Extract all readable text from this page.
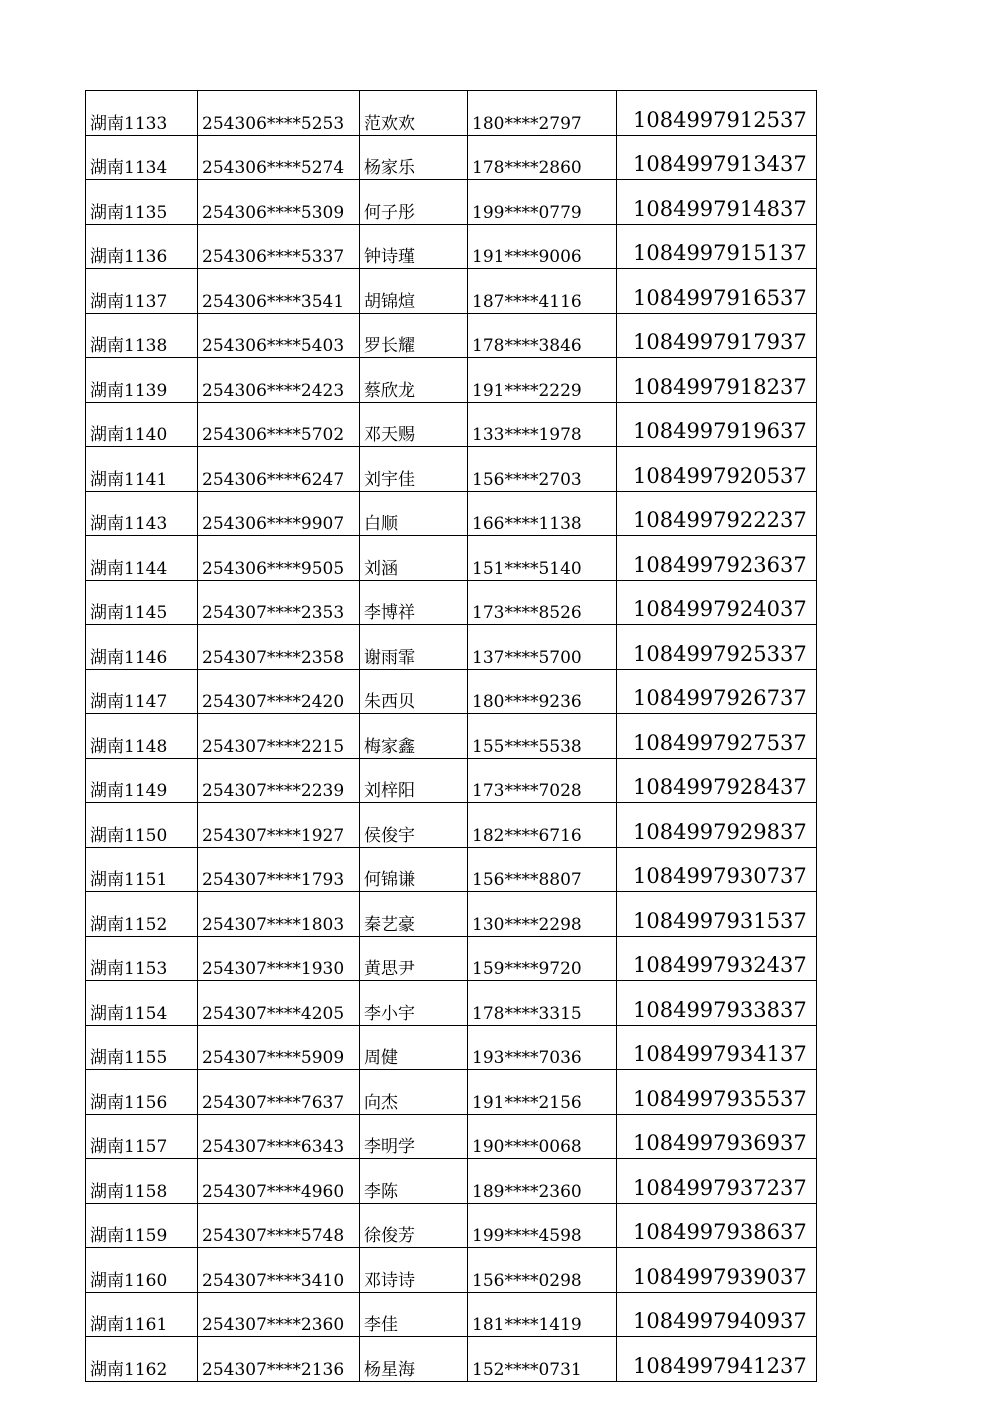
湖南1133	254306****5253	范欢欢	180****2797	1084997912537
湖南1134	254306****5274	杨家乐	178****2860	1084997913437
湖南1135	254306****5309	何子彤	199****0779	1084997914837
湖南1136	254306****5337	钟诗瑾	191****9006	1084997915137
湖南1137	254306****3541	胡锦煊	187****4116	1084997916537
湖南1138	254306****5403	罗长耀	178****3846	1084997917937
湖南1139	254306****2423	蔡欣龙	191****2229	1084997918237
湖南1140	254306****5702	邓天赐	133****1978	1084997919637
湖南1141	254306****6247	刘宇佳	156****2703	1084997920537
湖南1143	254306****9907	白顺	166****1138	1084997922237
湖南1144	254306****9505	刘涵	151****5140	1084997923637
湖南1145	254307****2353	李博祥	173****8526	1084997924037
湖南1146	254307****2358	谢雨霏	137****5700	1084997925337
湖南1147	254307****2420	朱西贝	180****9236	1084997926737
湖南1148	254307****2215	梅家鑫	155****5538	1084997927537
湖南1149	254307****2239	刘梓阳	173****7028	1084997928437
湖南1150	254307****1927	侯俊宇	182****6716	1084997929837
湖南1151	254307****1793	何锦谦	156****8807	1084997930737
湖南1152	254307****1803	秦艺豪	130****2298	1084997931537
湖南1153	254307****1930	黄思尹	159****9720	1084997932437
湖南1154	254307****4205	李小宇	178****3315	1084997933837
湖南1155	254307****5909	周健	193****7036	1084997934137
湖南1156	254307****7637	向杰	191****2156	1084997935537
湖南1157	254307****6343	李明学	190****0068	1084997936937
湖南1158	254307****4960	李陈	189****2360	1084997937237
湖南1159	254307****5748	徐俊芳	199****4598	1084997938637
湖南1160	254307****3410	邓诗诗	156****0298	1084997939037
湖南1161	254307****2360	李佳	181****1419	1084997940937
湖南1162	254307****2136	杨星海	152****0731	1084997941237
